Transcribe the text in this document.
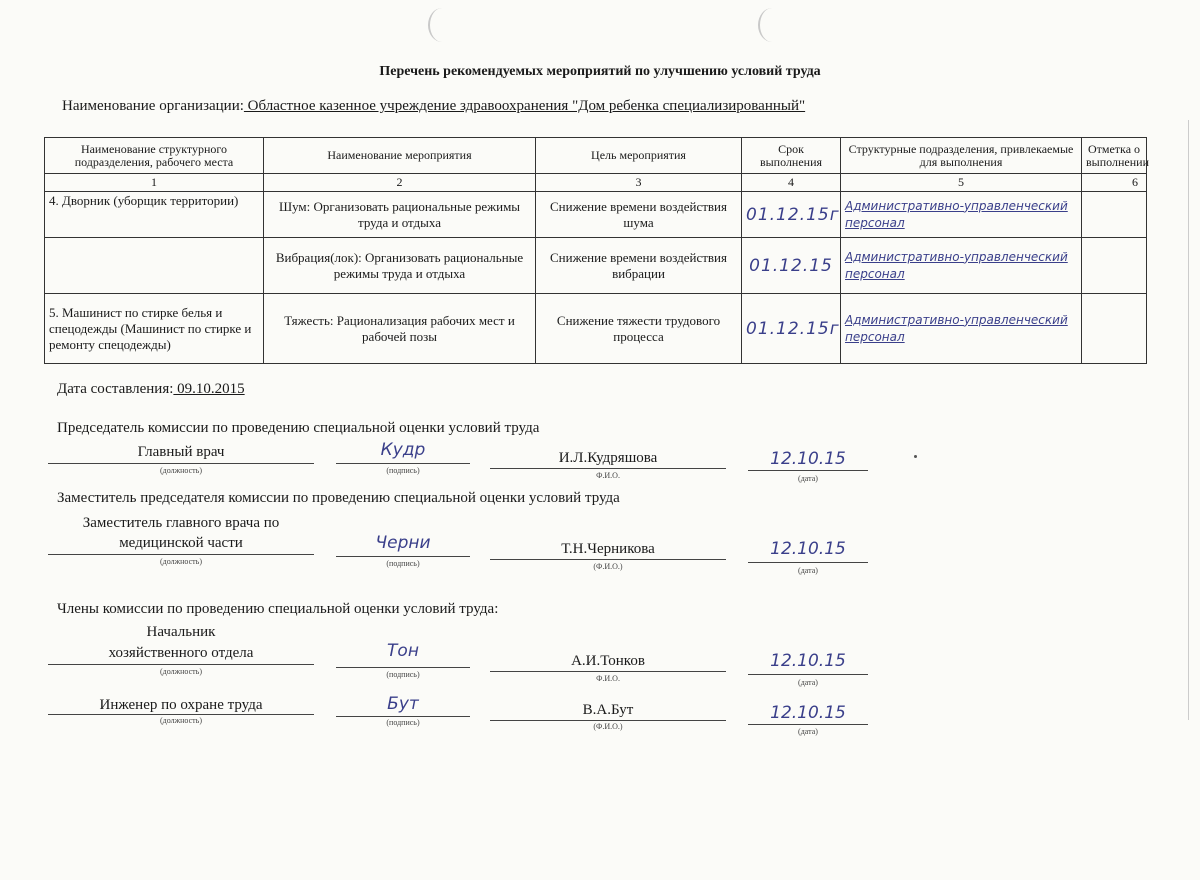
Перечень рекомендуемых мероприятий по улучшению условий труда
Наименование организации: Областное казенное учреждение здравоохранения "Дом ребенка специализированный"
Наименование структурного подразделения, рабочего места	Наименование мероприятия	Цель мероприятия	Срок выполнения	Структурные подразделения, привлекаемые для выполнения	Отметка о выполнении
1	2	3	4	5	6
4. Дворник (уборщик территории)	Шум: Организовать рациональные режимы труда и отдыха	Снижение времени воздействия шума	01.12.15г	Административно-управленческий персонал	
	Вибрация(лок): Организовать рациональные режимы труда и отдыха	Снижение времени воздействия вибрации	01.12.15	Административно-управленческий персонал	
5. Машинист по стирке белья и спецодежды (Машинист по стирке и ремонту спецодежды)	Тяжесть: Рационализация рабочих мест и рабочей позы	Снижение тяжести трудового процесса	01.12.15г	Административно-управленческий персонал	
Дата составления: 09.10.2015
Председатель комиссии по проведению специальной оценки условий труда
Главный врач
(должность)
Кудр
(подпись)
И.Л.Кудряшова
Ф.И.О.
12.10.15
(дата)
Заместитель председателя комиссии по проведению специальной оценки условий труда
Заместитель главного врача по
медицинской части
(должность)
Черни
(подпись)
Т.Н.Черникова
(Ф.И.О.)
12.10.15
(дата)
Члены комиссии по проведению специальной оценки условий труда:
Начальник
хозяйственного отдела
(должность)
Тон
(подпись)
А.И.Тонков
Ф.И.О.
12.10.15
(дата)
Инженер по охране труда
(должность)
Бут
(подпись)
В.А.Бут
(Ф.И.О.)
12.10.15
(дата)
